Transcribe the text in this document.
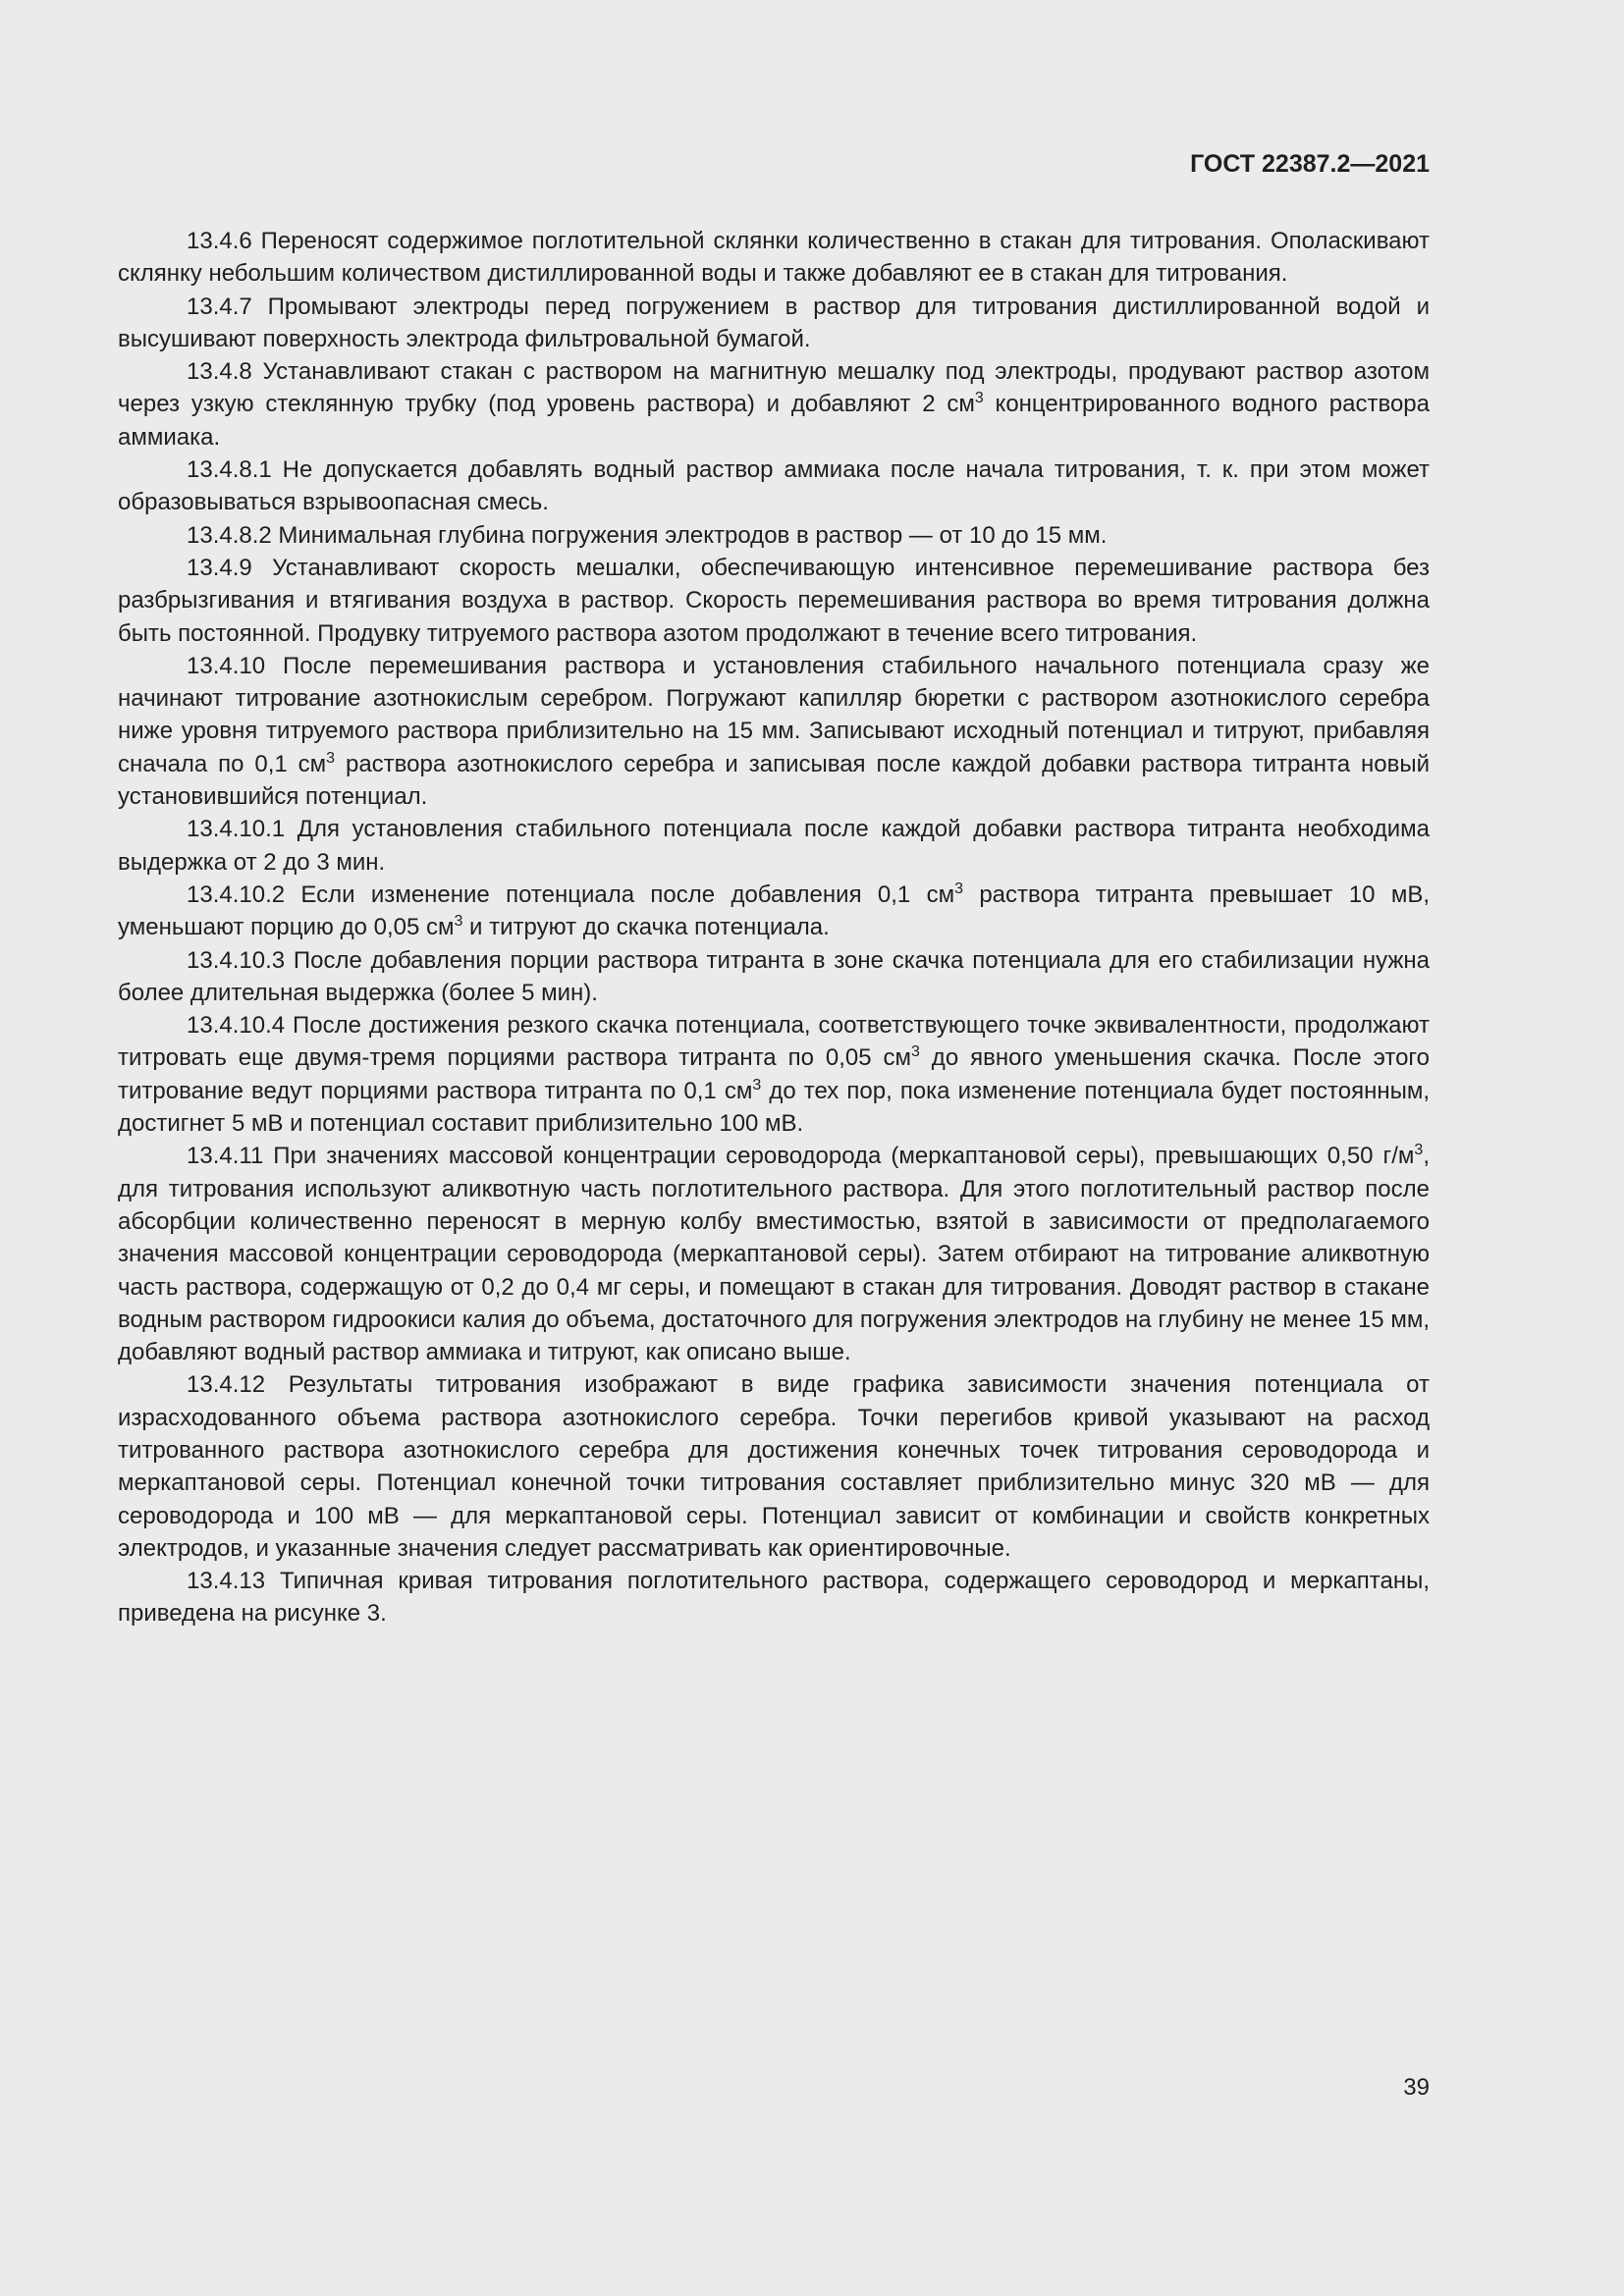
ГОСТ 22387.2—2021

13.4.6 Переносят содержимое поглотительной склянки количественно в стакан для титрования. Ополаскивают склянку небольшим количеством дистиллированной воды и также добавляют ее в стакан для титрования.

13.4.7 Промывают электроды перед погружением в раствор для титрования дистиллированной водой и высушивают поверхность электрода фильтровальной бумагой.

13.4.8 Устанавливают стакан с раствором на магнитную мешалку под электроды, продувают раствор азотом через узкую стеклянную трубку (под уровень раствора) и добавляют 2 $см^3$ концентрированного водного раствора аммиака.

13.4.8.1 Не допускается добавлять водный раствор аммиака после начала титрования, т. к. при этом может образовываться взрывоопасная смесь.

13.4.8.2 Минимальная глубина погружения электродов в раствор — от 10 до 15 мм.

13.4.9 Устанавливают скорость мешалки, обеспечивающую интенсивное перемешивание раствора без разбрызгивания и втягивания воздуха в раствор. Скорость перемешивания раствора во время титрования должна быть постоянной. Продувку титруемого раствора азотом продолжают в течение всего титрования.

13.4.10 После перемешивания раствора и установления стабильного начального потенциала сразу же начинают титрование азотнокислым серебром. Погружают капилляр бюретки с раствором азотнокислого серебра ниже уровня титруемого раствора приблизительно на 15 мм. Записывают исходный потенциал и титруют, прибавляя сначала по 0,1 $см^3$ раствора азотнокислого серебра и записывая после каждой добавки раствора титранта новый установившийся потенциал.

13.4.10.1 Для установления стабильного потенциала после каждой добавки раствора титранта необходима выдержка от 2 до 3 мин.

13.4.10.2 Если изменение потенциала после добавления 0,1 $см^3$ раствора титранта превышает 10 мВ, уменьшают порцию до 0,05 $см^3$ и титруют до скачка потенциала.

13.4.10.3 После добавления порции раствора титранта в зоне скачка потенциала для его стабилизации нужна более длительная выдержка (более 5 мин).

13.4.10.4 После достижения резкого скачка потенциала, соответствующего точке эквивалентности, продолжают титровать еще двумя-тремя порциями раствора титранта по 0,05 $см^3$ до явного уменьшения скачка. После этого титрование ведут порциями раствора титранта по 0,1 $см^3$ до тех пор, пока изменение потенциала будет постоянным, достигнет 5 мВ и потенциал составит приблизительно 100 мВ.

13.4.11 При значениях массовой концентрации сероводорода (меркаптановой серы), превышающих 0,50 $г/м^3$, для титрования используют аликвотную часть поглотительного раствора. Для этого поглотительный раствор после абсорбции количественно переносят в мерную колбу вместимостью, взятой в зависимости от предполагаемого значения массовой концентрации сероводорода (меркаптановой серы). Затем отбирают на титрование аликвотную часть раствора, содержащую от 0,2 до 0,4 мг серы, и помещают в стакан для титрования. Доводят раствор в стакане водным раствором гидроокиси калия до объема, достаточного для погружения электродов на глубину не менее 15 мм, добавляют водный раствор аммиака и титруют, как описано выше.

13.4.12 Результаты титрования изображают в виде графика зависимости значения потенциала от израсходованного объема раствора азотнокислого серебра. Точки перегибов кривой указывают на расход титрованного раствора азотнокислого серебра для достижения конечных точек титрования сероводорода и меркаптановой серы. Потенциал конечной точки титрования составляет приблизительно минус 320 мВ — для сероводорода и 100 мВ — для меркаптановой серы. Потенциал зависит от комбинации и свойств конкретных электродов, и указанные значения следует рассматривать как ориентировочные.

13.4.13 Типичная кривая титрования поглотительного раствора, содержащего сероводород и меркаптаны, приведена на рисунке 3.

39
